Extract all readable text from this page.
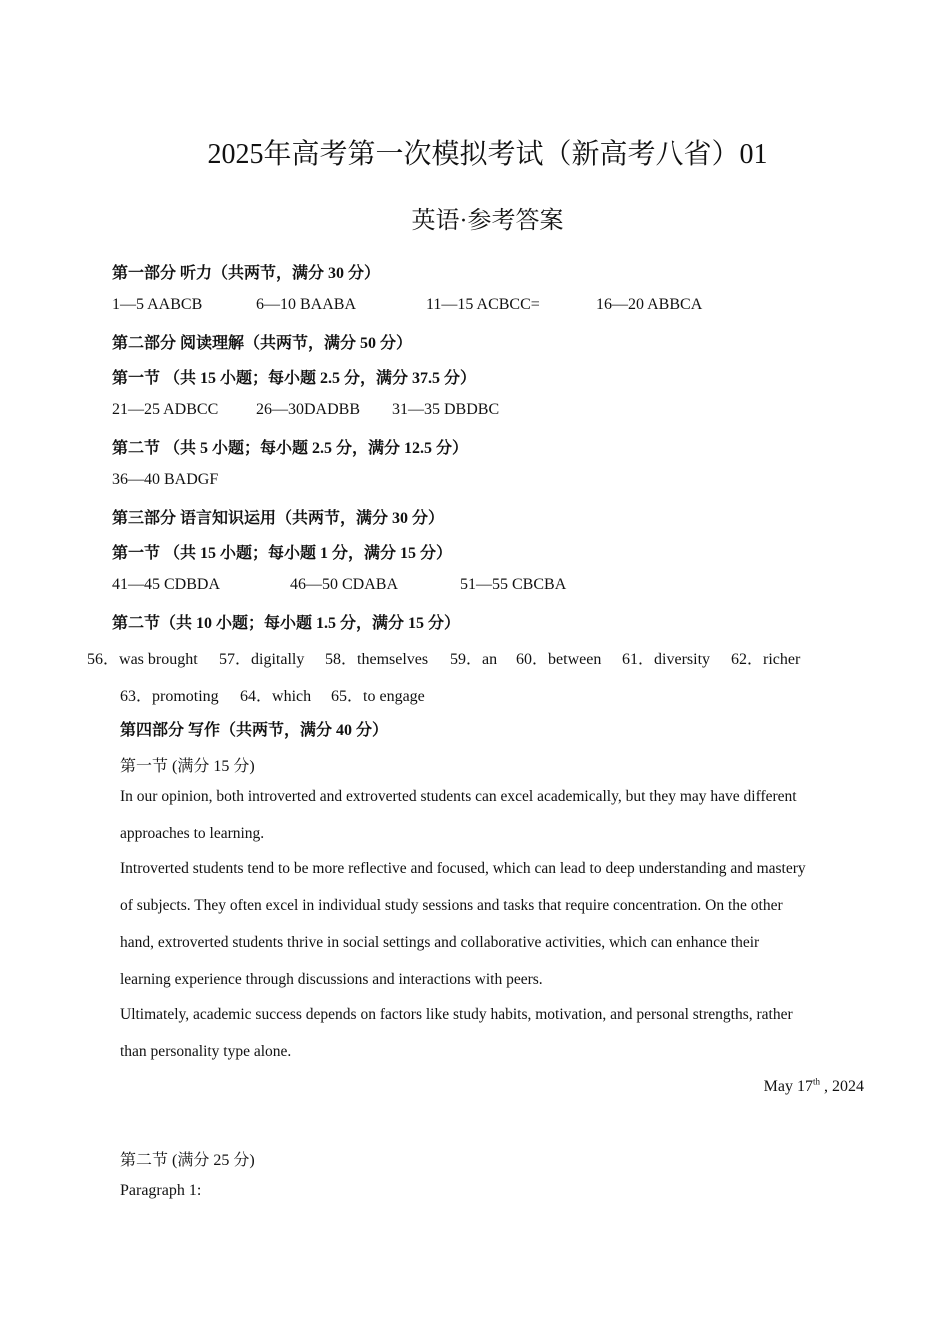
2025年高考第一次模拟考试（新高考八省）01
英语·参考答案
第一部分 听力（共两节，满分 30 分）
1—5 AABCB	6—10 BAABA	11—15 ACBCC=	16—20 ABBCA
第二部分 阅读理解（共两节，满分 50 分）
第一节 （共 15 小题；每小题 2.5 分，满分 37.5 分）
21—25 ADBCC 26—30DADBB 31—35 DBDBC
第二节 （共 5 小题；每小题 2.5 分，满分 12.5 分）
36—40 BADGF
第三部分 语言知识运用（共两节，满分 30 分）
第一节 （共 15 小题；每小题 1 分，满分 15 分）
41—45 CDBDA	46—50 CDABA	51—55 CBCBA
第二节（共 10 小题；每小题 1.5 分，满分 15 分）
56．was brought 57．digitally 58．themselves 59．an 60．between 61．diversity 62．richer
63．promoting 64．which 65．to engage
第四部分 写作（共两节，满分 40 分）
第一节 (满分 15 分)
In our opinion, both introverted and extroverted students can excel academically, but they may have different
approaches to learning.
Introverted students tend to be more reflective and focused, which can lead to deep understanding and mastery
of subjects. They often excel in individual study sessions and tasks that require concentration. On the other
hand, extroverted students thrive in social settings and collaborative activities, which can enhance their
learning experience through discussions and interactions with peers.
Ultimately, academic success depends on factors like study habits, motivation, and personal strengths, rather
than personality type alone.
May 17th , 2024
第二节 (满分 25 分)
Paragraph 1:
